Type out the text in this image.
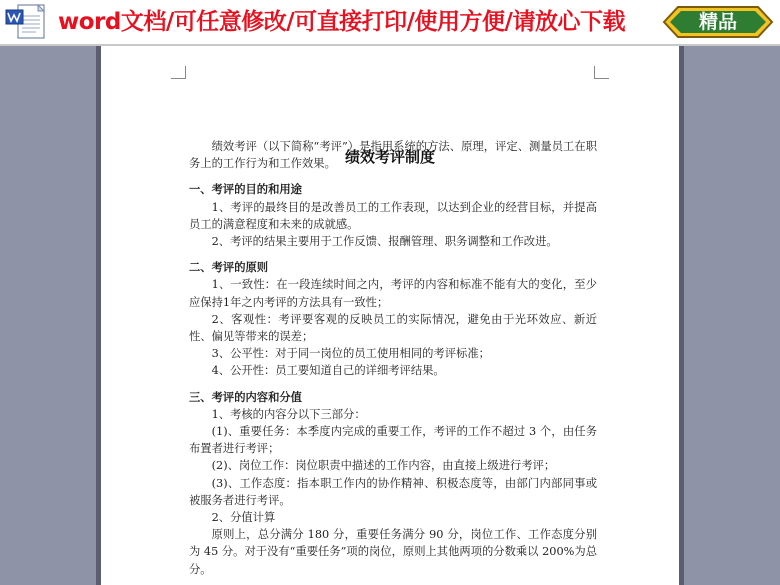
word文档/可任意修改/可直接打印/使用方便/请放心下载	精品
绩效考评制度

绩效考评（以下简称“考评”）是指用系统的方法、原理，评定、测量员工在职务上的工作行为和工作效果。

一、考评的目的和用途

1、考评的最终目的是改善员工的工作表现，以达到企业的经营目标，并提高员工的满意程度和未来的成就感。

2、考评的结果主要用于工作反馈、报酬管理、职务调整和工作改进。

二、考评的原则

1、一致性：在一段连续时间之内，考评的内容和标准不能有大的变化，至少应保持1年之内考评的方法具有一致性；

2、客观性：考评要客观的反映员工的实际情况，避免由于光环效应、新近性、偏见等带来的误差；

3、公平性：对于同一岗位的员工使用相同的考评标准；

4、公开性：员工要知道自己的详细考评结果。

三、考评的内容和分值

1、考核的内容分以下三部分：

(1)、重要任务：本季度内完成的重要工作，考评的工作不超过 3 个，由任务布置者进行考评；

(2)、岗位工作：岗位职责中描述的工作内容，由直接上级进行考评；

(3)、工作态度：指本职工作内的协作精神、积极态度等，由部门内部同事或被服务者进行考评。

2、分值计算

原则上，总分满分 180 分，重要任务满分 90 分，岗位工作、工作态度分别为 45 分。对于没有“重要任务”项的岗位，原则上其他两项的分数乘以 200%为总分。
